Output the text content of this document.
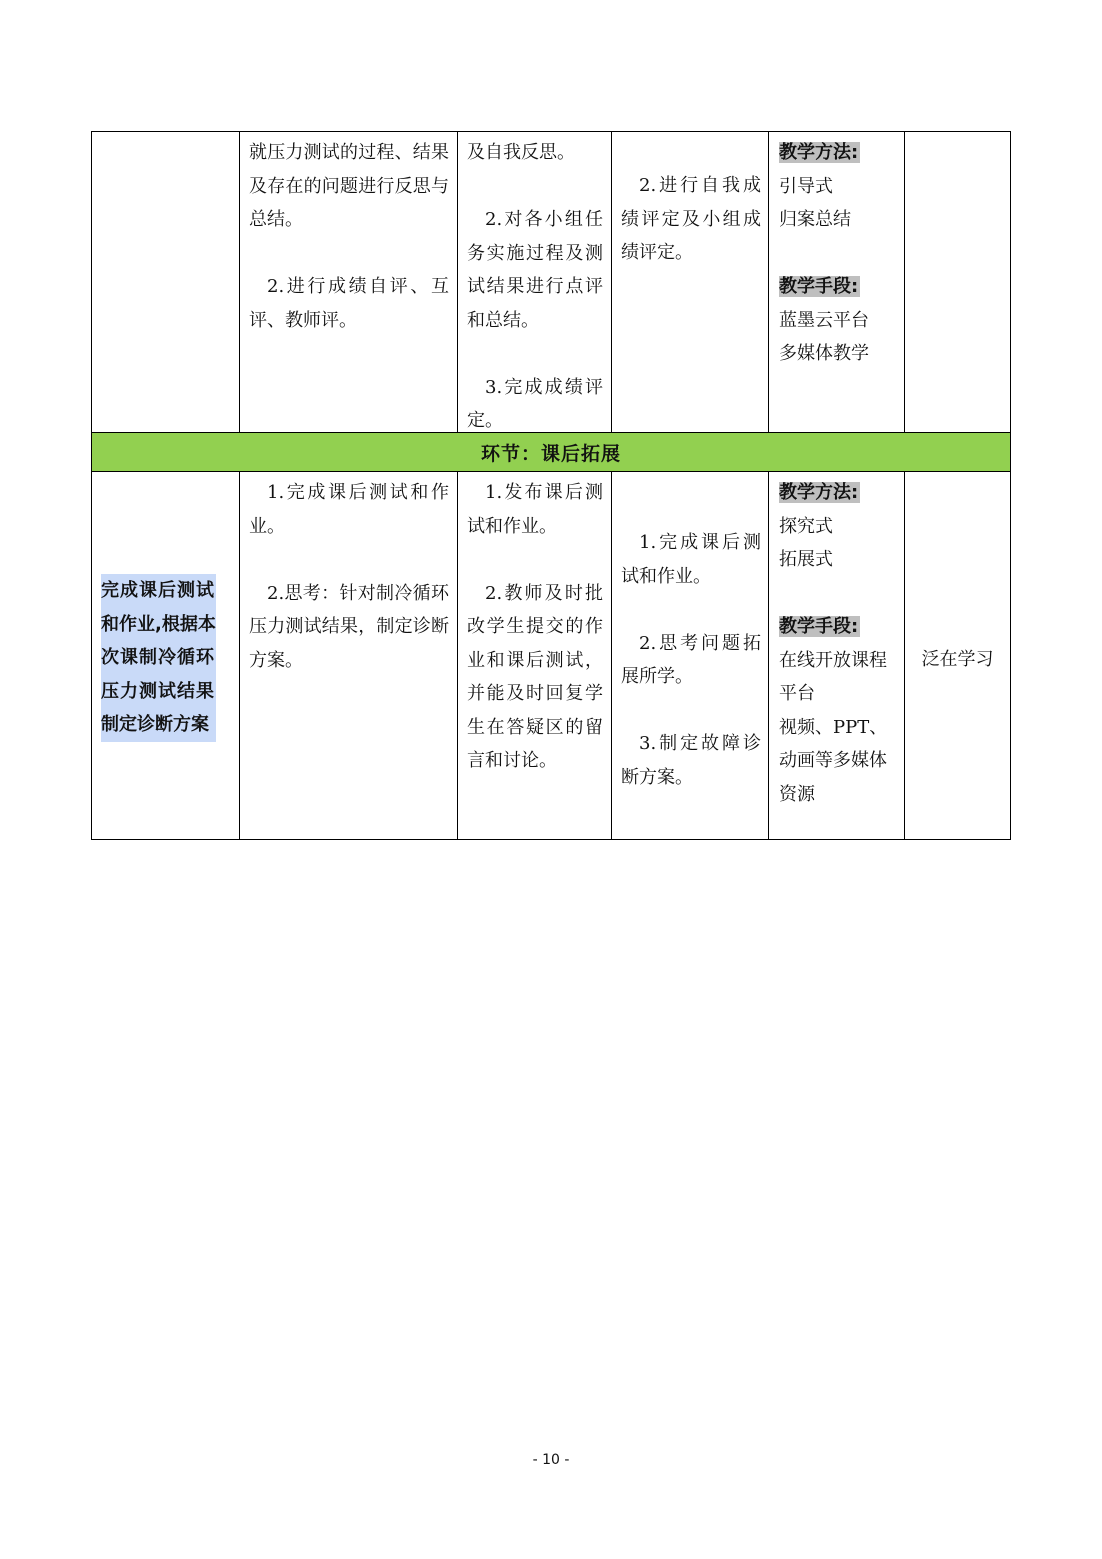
就压力测试的过程、结果及存在的问题进行反思与总结。

2.进行成绩自评、互评、教师评。

及自我反思。

2.对各小组任务实施过程及测试结果进行点评和总结。

3.完成成绩评定。

2.进行自我成绩评定及小组成绩评定。

教学方法:

引导式

归案总结

教学手段:

蓝墨云平台

多媒体教学

环节：课后拓展

完成课后测试

和作业,根据本

次课制冷循环

压力测试结果

制定诊断方案

1.完成课后测试和作业。

2.思考：针对制冷循环压力测试结果，制定诊断方案。

1.发布课后测试和作业。

2.教师及时批改学生提交的作业和课后测试，并能及时回复学生在答疑区的留言和讨论。

1.完成课后测试和作业。

2.思考问题拓展所学。

3.制定故障诊断方案。

教学方法:

探究式

拓展式

教学手段:

在线开放课程平台

视频、PPT、动画等多媒体资源

泛在学习

- 10 -
